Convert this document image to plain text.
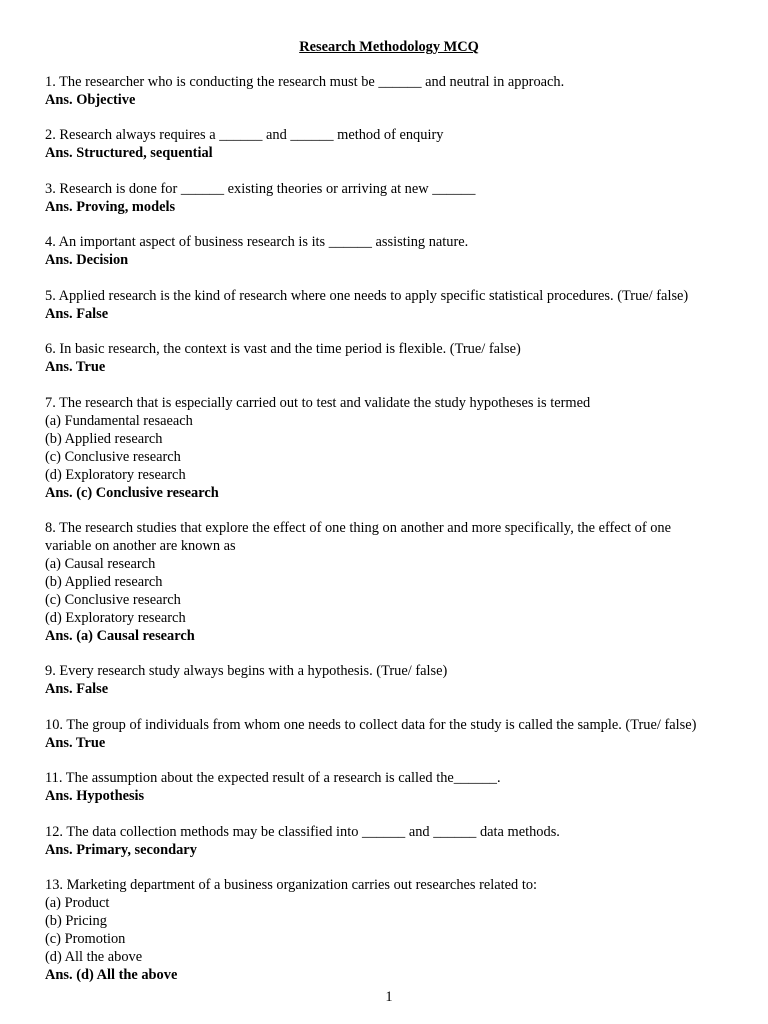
Research Methodology MCQ
1. The researcher who is conducting the research must be ______ and neutral in approach.
Ans. Objective
2. Research always requires a ______ and ______ method of enquiry
Ans. Structured, sequential
3. Research is done for ______ existing theories or arriving at new ______
Ans. Proving, models
4. An important aspect of business research is its ______ assisting nature.
Ans. Decision
5. Applied research is the kind of research where one needs to apply specific statistical procedures. (True/ false)
Ans. False
6. In basic research, the context is vast and the time period is flexible. (True/ false)
Ans. True
7. The research that is especially carried out to test and validate the study hypotheses is termed
(a) Fundamental resaeach
(b) Applied research
(c) Conclusive research
(d) Exploratory research
Ans. (c) Conclusive research
8. The research studies that explore the effect of one thing on another and more specifically, the effect of one
variable on another are known as
(a) Causal research
(b) Applied research
(c) Conclusive research
(d) Exploratory research
Ans. (a) Causal research
9. Every research study always begins with a hypothesis. (True/ false)
Ans. False
10. The group of individuals from whom one needs to collect data for the study is called the sample. (True/ false)
Ans. True
11. The assumption about the expected result of a research is called the______.
Ans. Hypothesis
12. The data collection methods may be classified into ______ and ______ data methods.
Ans. Primary, secondary
13. Marketing department of a business organization carries out researches related to:
(a) Product
(b) Pricing
(c) Promotion
(d) All the above
Ans. (d) All the above
1
